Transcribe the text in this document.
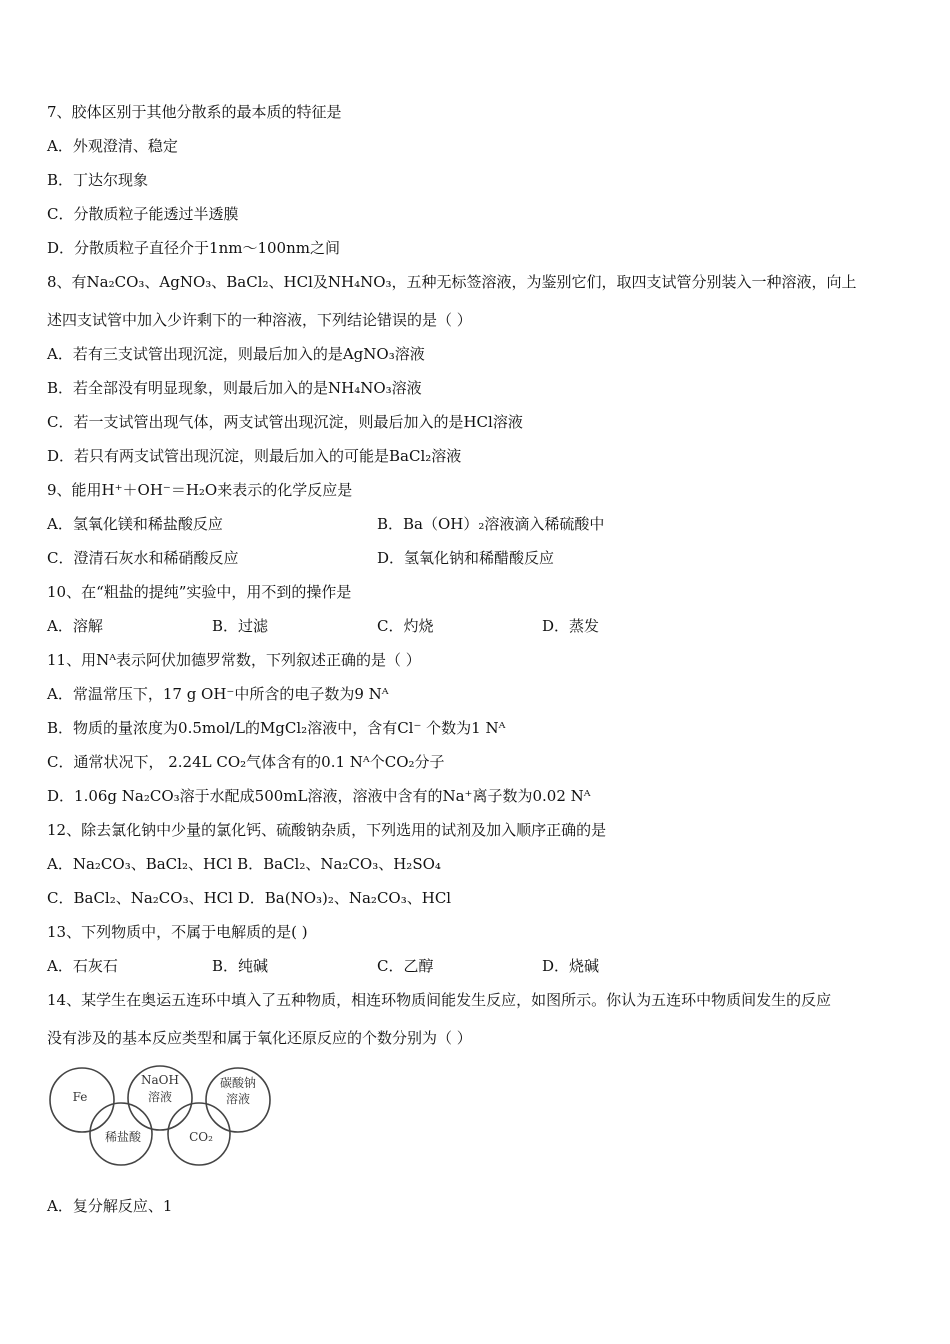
7、胶体区别于其他分散系的最本质的特征是
A．外观澄清、稳定
B．丁达尔现象
C．分散质粒子能透过半透膜
D．分散质粒子直径介于1nm～100nm之间
8、有Na₂CO₃、AgNO₃、BaCl₂、HCl及NH₄NO₃，五种无标签溶液，为鉴别它们，取四支试管分别装入一种溶液，向上
述四支试管中加入少许剩下的一种溶液，下列结论错误的是（ ）
A．若有三支试管出现沉淀，则最后加入的是AgNO₃溶液
B．若全部没有明显现象，则最后加入的是NH₄NO₃溶液
C．若一支试管出现气体，两支试管出现沉淀，则最后加入的是HCl溶液
D．若只有两支试管出现沉淀，则最后加入的可能是BaCl₂溶液
9、能用H⁺＋OH⁻＝H₂O来表示的化学反应是
A．氢氧化镁和稀盐酸反应	B．Ba（OH）₂溶液滴入稀硫酸中
C．澄清石灰水和稀硝酸反应	D．氢氧化钠和稀醋酸反应
10、在“粗盐的提纯”实验中，用不到的操作是
A．溶解	B．过滤	C．灼烧	D．蒸发
11、用Nᴬ表示阿伏加德罗常数，下列叙述正确的是（ ）
A．常温常压下，17 g OH⁻中所含的电子数为9 Nᴬ
B．物质的量浓度为0.5mol/L的MgCl₂溶液中，含有Cl⁻ 个数为1 Nᴬ
C．通常状况下， 2.24L CO₂气体含有的0.1 Nᴬ个CO₂分子
D．1.06g Na₂CO₃溶于水配成500mL溶液，溶液中含有的Na⁺离子数为0.02 Nᴬ
12、除去氯化钠中少量的氯化钙、硫酸钠杂质，下列选用的试剂及加入顺序正确的是
A．Na₂CO₃、BaCl₂、HCl B．BaCl₂、Na₂CO₃、H₂SO₄
C．BaCl₂、Na₂CO₃、HCl D．Ba(NO₃)₂、Na₂CO₃、HCl
13、下列物质中，不属于电解质的是( )
A．石灰石	B．纯碱	C．乙醇	D．烧碱
14、某学生在奥运五连环中填入了五种物质，相连环物质间能发生反应，如图所示。你认为五连环中物质间发生的反应
没有涉及的基本反应类型和属于氧化还原反应的个数分别为（ ）
Fe
NaOH
溶液
碳酸钠
溶液
稀盐酸	CO₂
A．复分解反应、1
